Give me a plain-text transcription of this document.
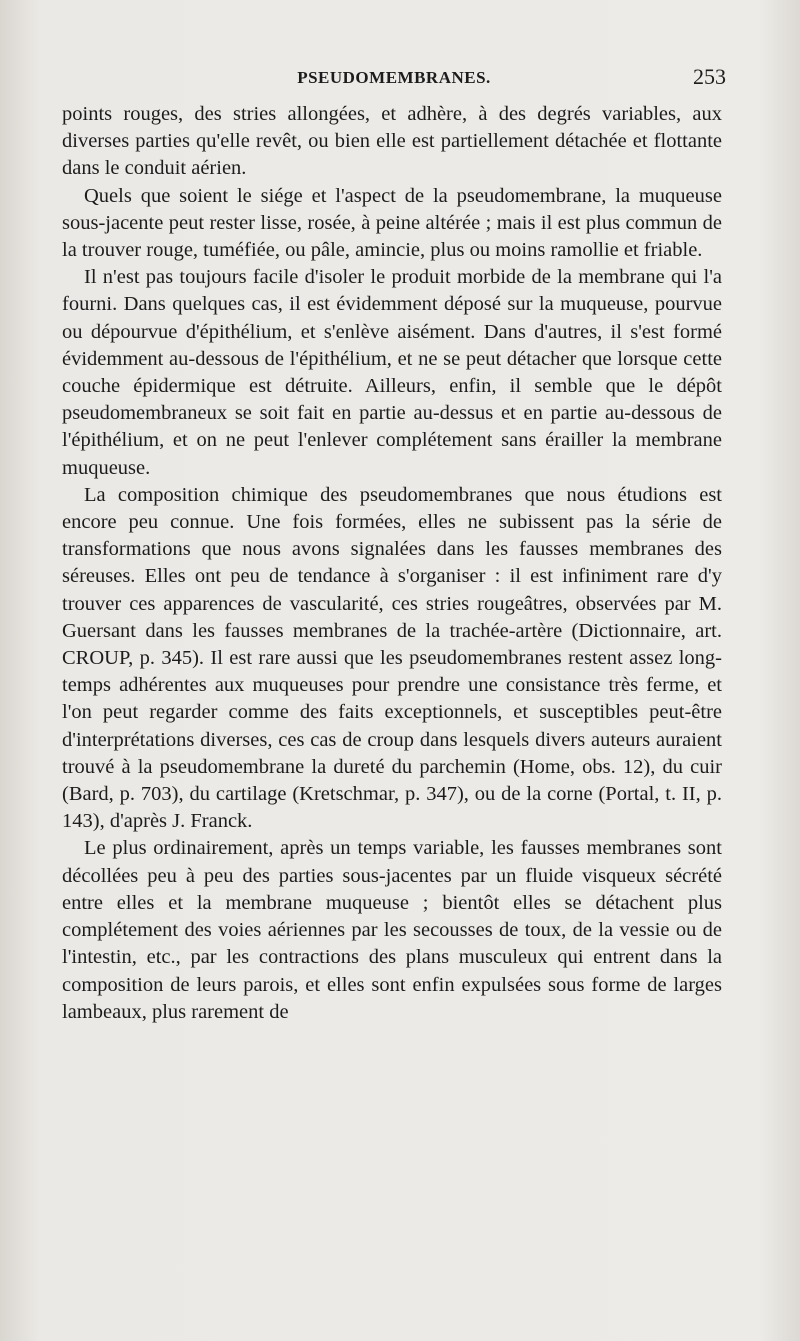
PSEUDOMEMBRANES.	253

points rouges, des stries allongées, et adhère, à des degrés variables, aux diverses parties qu'elle revêt, ou bien elle est partiellement détachée et flottante dans le conduit aérien.

Quels que soient le siége et l'aspect de la pseudomembrane, la muqueuse sous-jacente peut rester lisse, rosée, à peine altérée ; mais il est plus commun de la trouver rouge, tuméfiée, ou pâle, amincie, plus ou moins ramollie et friable.

Il n'est pas toujours facile d'isoler le produit morbide de la membrane qui l'a fourni. Dans quelques cas, il est évidemment déposé sur la muqueuse, pourvue ou dépourvue d'épithélium, et s'enlève aisément. Dans d'autres, il s'est formé évidemment au-dessous de l'épithélium, et ne se peut détacher que lorsque cette couche épidermique est détruite. Ailleurs, enfin, il semble que le dépôt pseudomembraneux se soit fait en partie au-dessus et en partie au-dessous de l'épithélium, et on ne peut l'enlever complétement sans érailler la membrane muqueuse.

La composition chimique des pseudomembranes que nous étudions est encore peu connue. Une fois formées, elles ne subissent pas la série de transformations que nous avons signalées dans les fausses membranes des séreuses. Elles ont peu de tendance à s'organiser : il est infiniment rare d'y trouver ces apparences de vascularité, ces stries rougeâtres, observées par M. Guersant dans les fausses membranes de la trachée-artère (Dictionnaire, art. CROUP, p. 345). Il est rare aussi que les pseudomembranes restent assez long-temps adhérentes aux muqueuses pour prendre une consistance très ferme, et l'on peut regarder comme des faits exceptionnels, et susceptibles peut-être d'interprétations diverses, ces cas de croup dans lesquels divers auteurs auraient trouvé à la pseudomembrane la dureté du parchemin (Home, obs. 12), du cuir (Bard, p. 703), du cartilage (Kretschmar, p. 347), ou de la corne (Portal, t. II, p. 143), d'après J. Franck.

Le plus ordinairement, après un temps variable, les fausses membranes sont décollées peu à peu des parties sous-jacentes par un fluide visqueux sécrété entre elles et la membrane muqueuse ; bientôt elles se détachent plus complétement des voies aériennes par les secousses de toux, de la vessie ou de l'intestin, etc., par les contractions des plans musculeux qui entrent dans la composition de leurs parois, et elles sont enfin expulsées sous forme de larges lambeaux, plus rarement de
